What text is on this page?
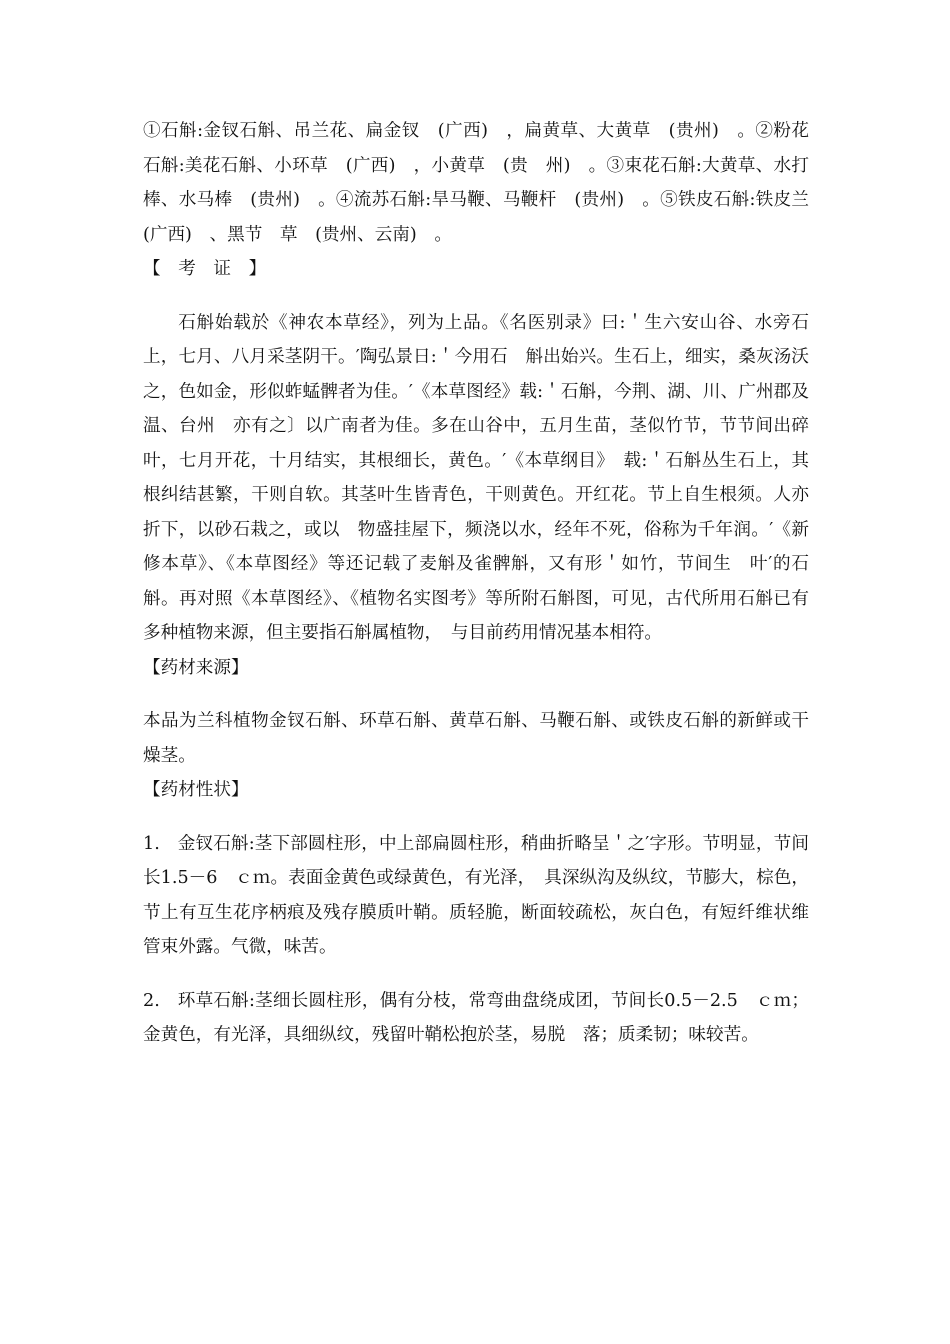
①石斛:金钗石斛、吊兰花、扁金钗　(广西)　，扁黄草、大黄草　(贵州)　。②粉花石斛:美花石斛、小环草　(广西)　，小黄草　(贵　州)　。③束花石斛:大黄草、水打棒、水马棒　(贵州)　。④流苏石斛:旱马鞭、马鞭杆　(贵州)　。⑤铁皮石斛:铁皮兰　(广西)　、黑节　草　(贵州、云南)　。

【　考　证　】

石斛始载於《神农本草经》，列为上品。《名医别录》曰:＇生六安山谷、水旁石上，七月、八月采茎阴干。′陶弘景日:＇今用石　斛出始兴。生石上，细实，桑灰汤沃之，色如金，形似蚱蜢髀者为佳。′《本草图经》载:＇石斛，今荆、湖、川、广州郡及温、台州　亦有之〕以广南者为佳。多在山谷中，五月生苗，茎似竹节，节节间出碎叶，七月开花，十月结实，其根细长，黄色。′《本草纲目》　载:＇石斛丛生石上，其根纠结甚繁，干则自软。其茎叶生皆青色，干则黄色。开红花。节上自生根须。人亦折下，以砂石栽之，或以　物盛挂屋下，频浇以水，经年不死，俗称为千年润。′《新修本草》、《本草图经》等还记载了麦斛及雀髀斛，又有形＇如竹，节间生　叶′的石斛。再对照《本草图经》、《植物名实图考》等所附石斛图，可见，古代所用石斛已有多种植物来源，但主要指石斛属植物，　与目前药用情况基本相符。

【药材来源】

本品为兰科植物金钗石斛、环草石斛、黄草石斛、马鞭石斛、或铁皮石斛的新鲜或干燥茎。

【药材性状】

1.　金钗石斛:茎下部圆柱形，中上部扁圆柱形，稍曲折略呈＇之′字形。节明显，节间长1.5－6　ｃｍ。表面金黄色或绿黄色，有光泽，　具深纵沟及纵纹，节膨大，棕色，节上有互生花序柄痕及残存膜质叶鞘。质轻脆，断面较疏松，灰白色，有短纤维状维管束外露。气微，味苦。

2.　环草石斛:茎细长圆柱形，偶有分枝，常弯曲盘绕成团，节间长0.5－2.5　ｃｍ；金黄色，有光泽，具细纵纹，残留叶鞘松抱於茎，易脱　落；质柔韧；味较苦。
